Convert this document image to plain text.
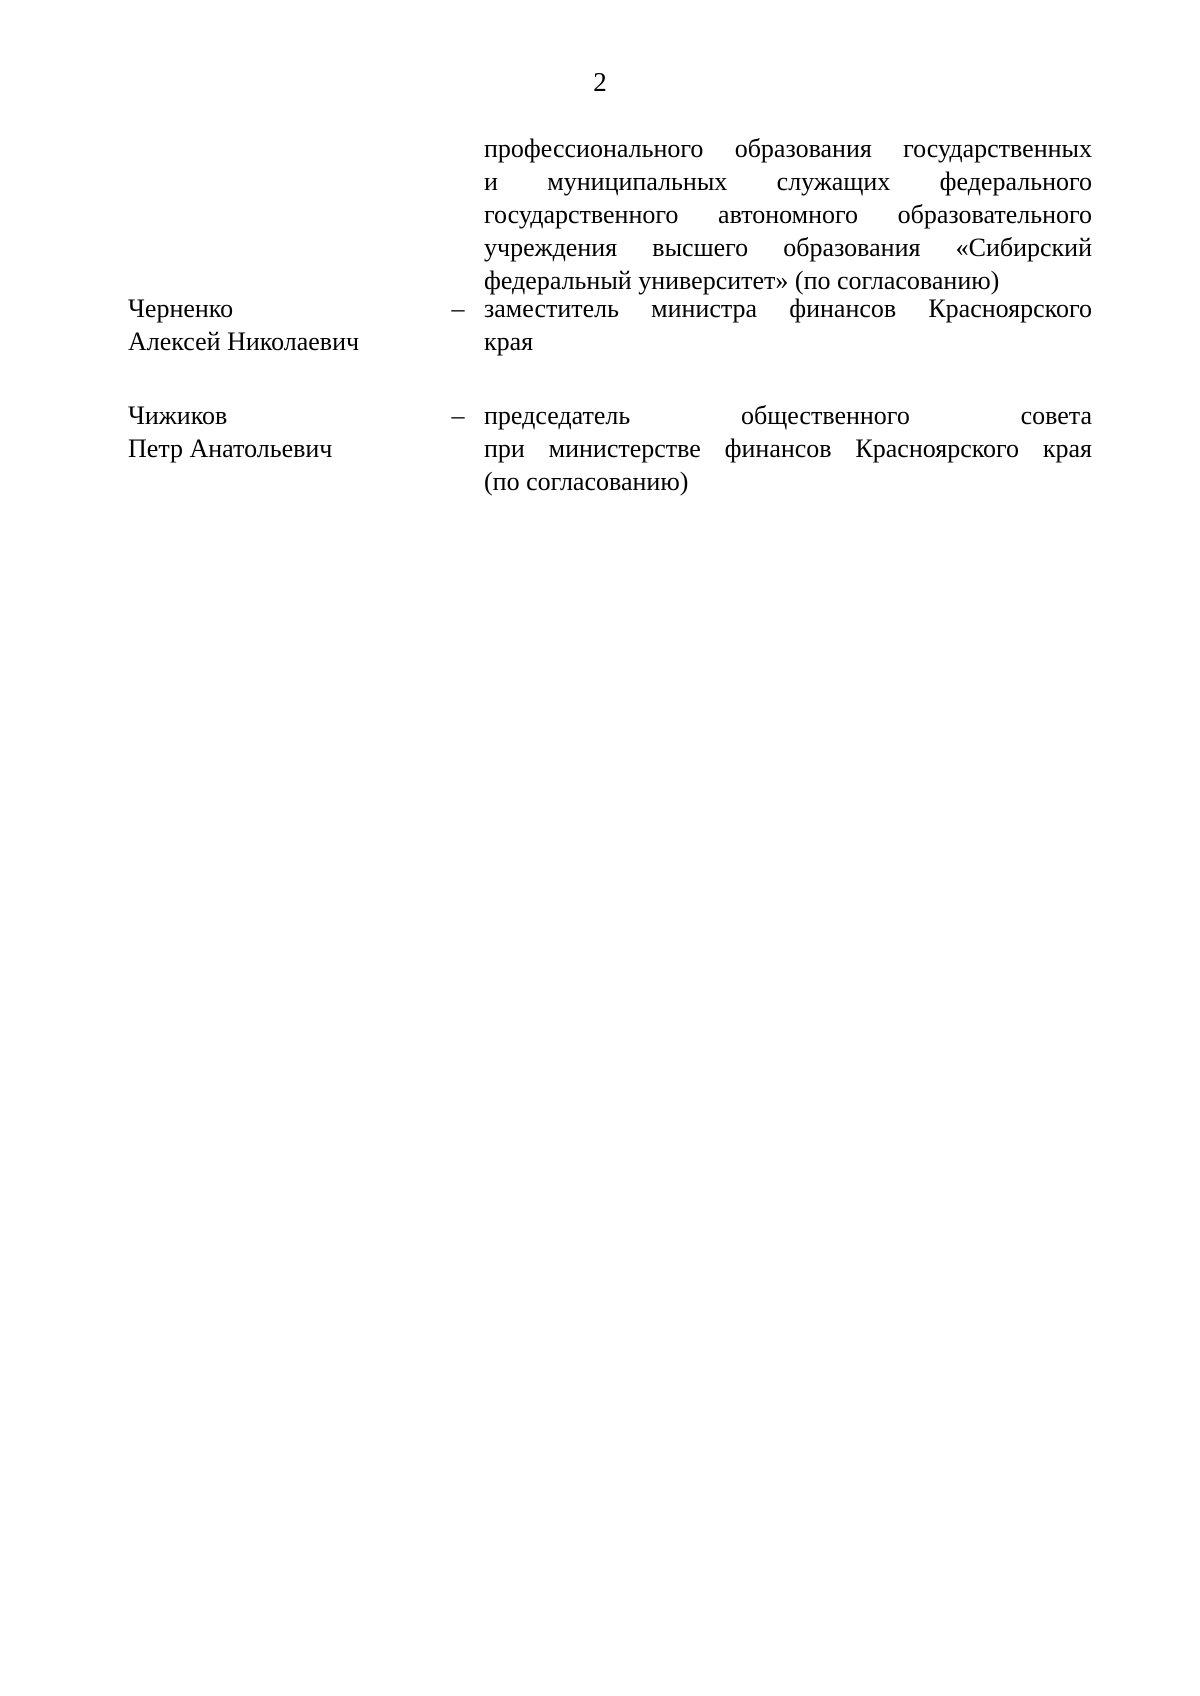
2
профессионального образования государственных
и муниципальных служащих федерального
государственного автономного образовательного
учреждения высшего образования «Сибирский
федеральный университет» (по согласованию)
Черненко
Алексей Николаевич
– заместитель министра финансов Красноярского
края
Чижиков
Петр Анатольевич
– председатель общественного совета
при министерстве финансов Красноярского края
(по согласованию)
